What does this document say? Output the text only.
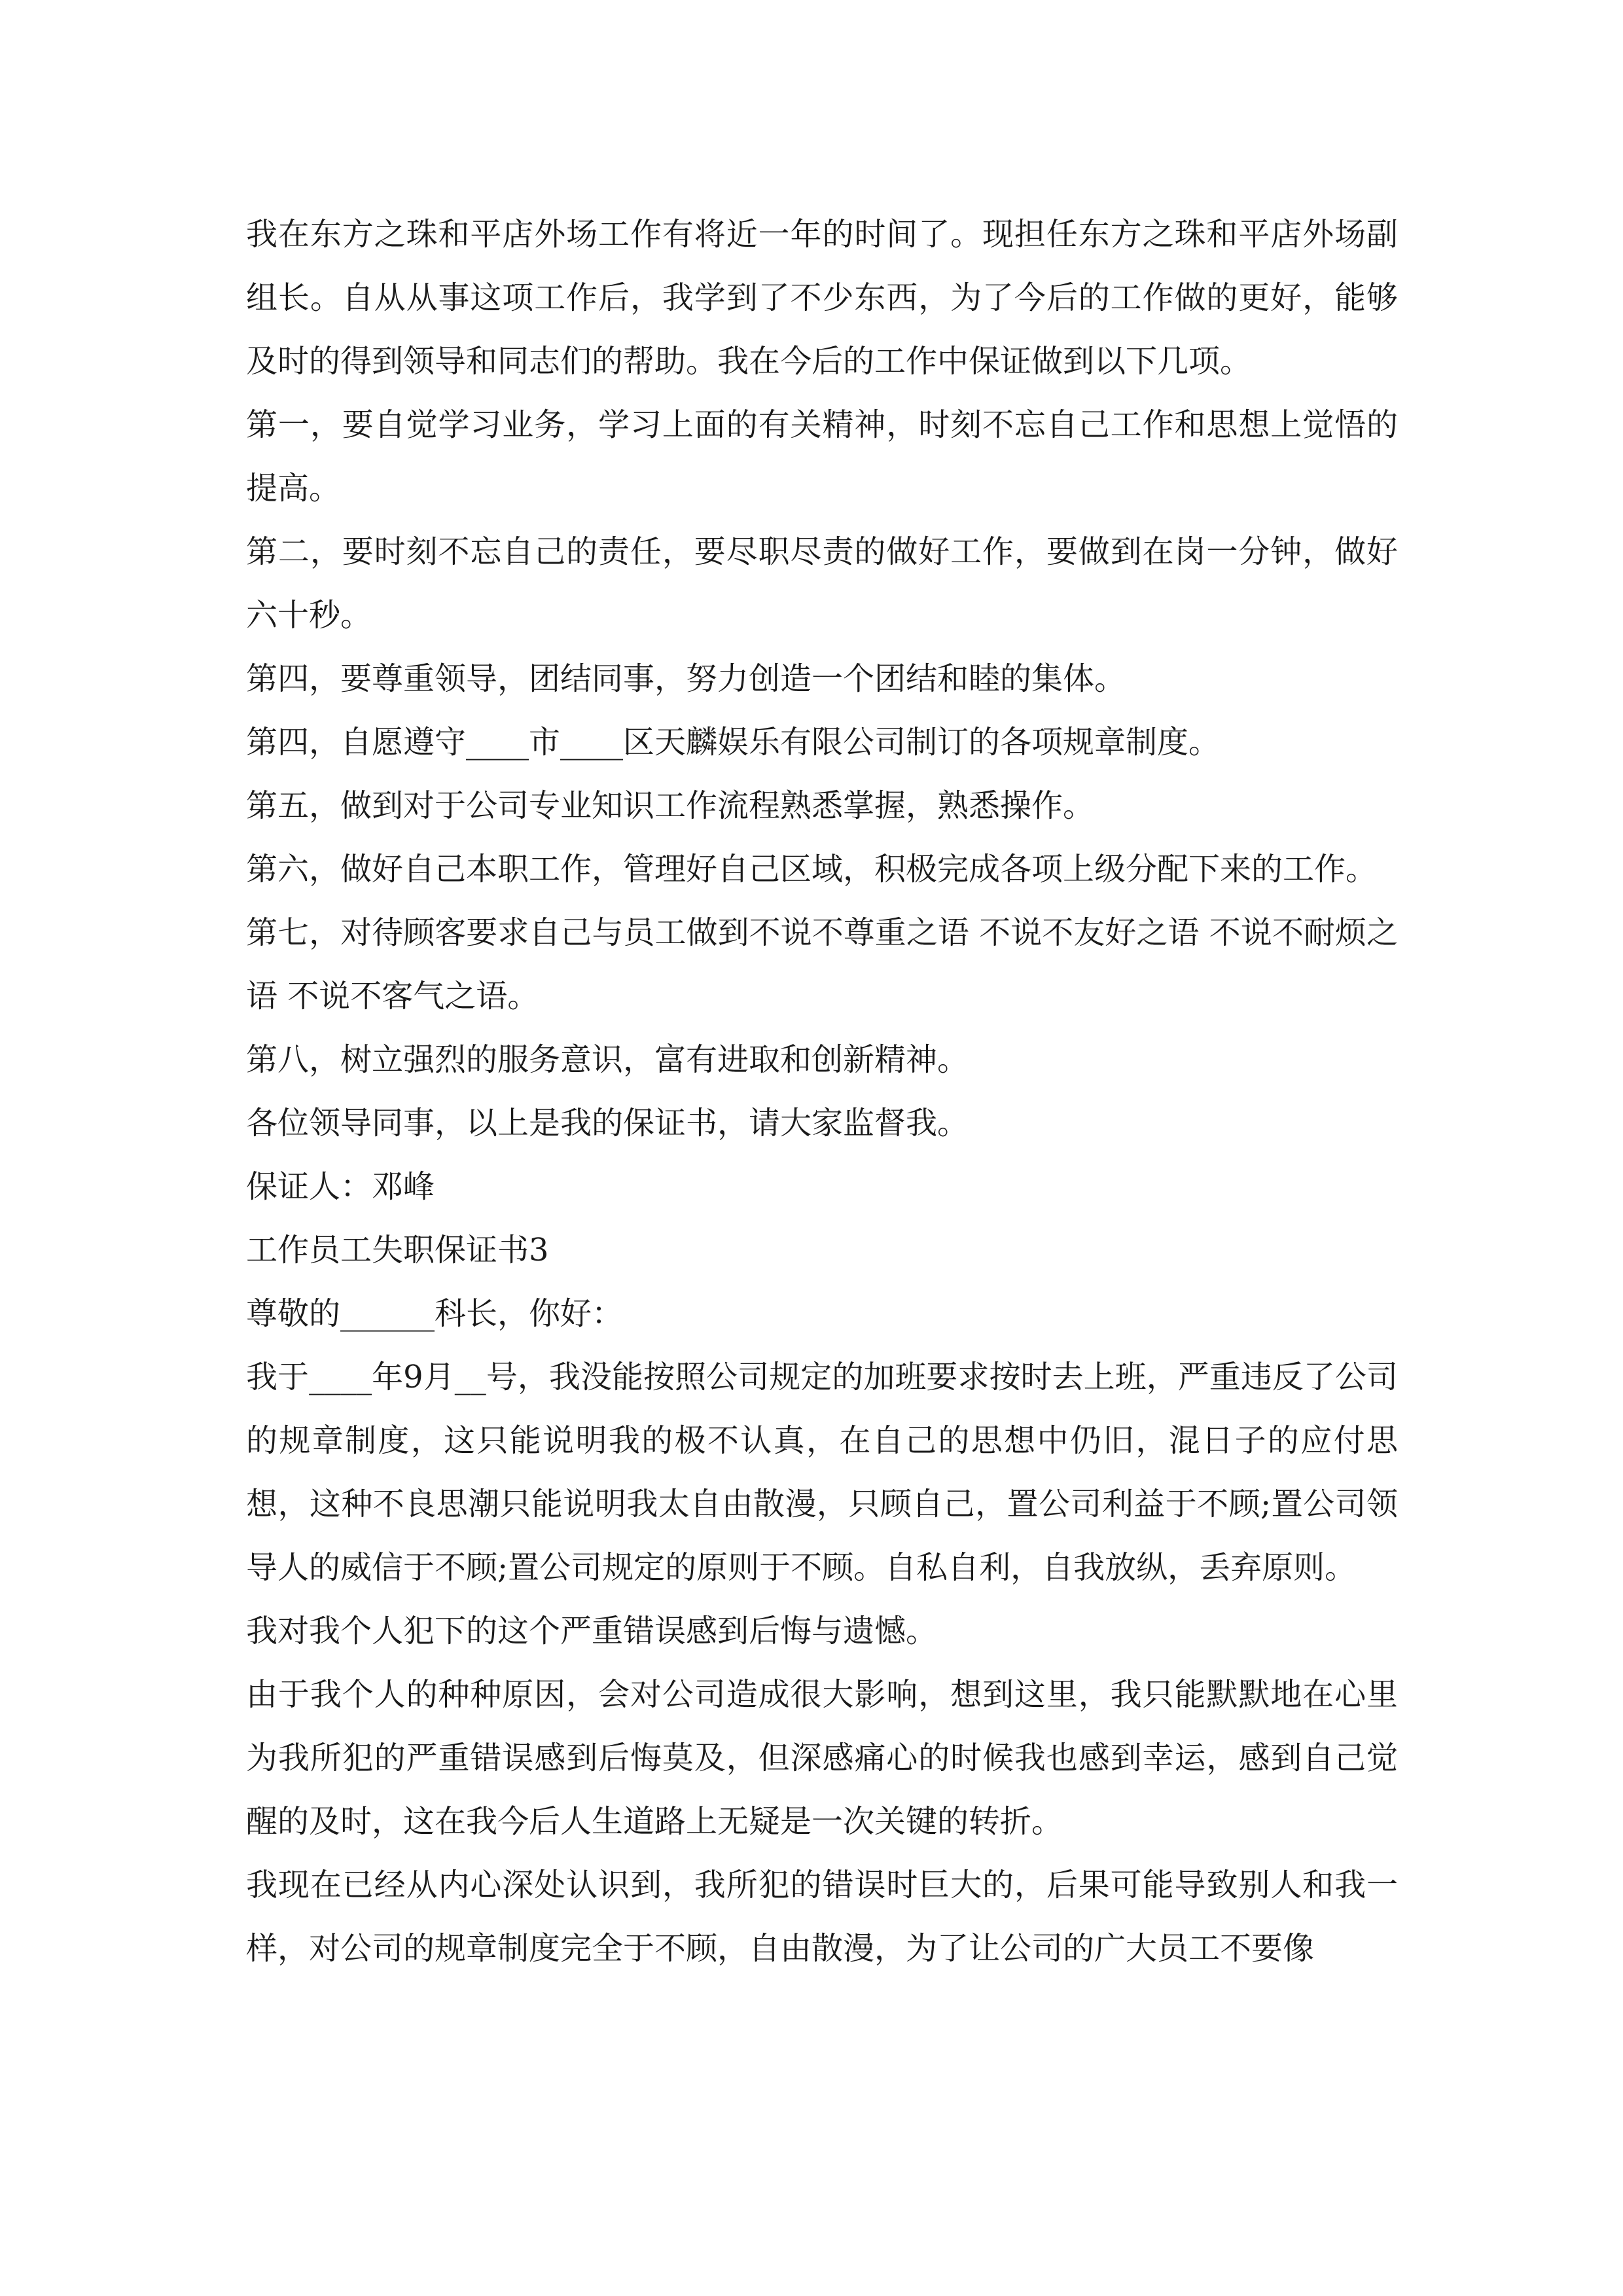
我在东方之珠和平店外场工作有将近一年的时间了。现担任东方之珠和平店外场副组长。自从从事这项工作后，我学到了不少东西，为了今后的工作做的更好，能够及时的得到领导和同志们的帮助。我在今后的工作中保证做到以下几项。

第一，要自觉学习业务，学习上面的有关精神，时刻不忘自己工作和思想上觉悟的提高。

第二，要时刻不忘自己的责任，要尽职尽责的做好工作，要做到在岗一分钟，做好六十秒。

第四，要尊重领导，团结同事，努力创造一个团结和睦的集体。

第四，自愿遵守____市____区天麟娱乐有限公司制订的各项规章制度。

第五，做到对于公司专业知识工作流程熟悉掌握，熟悉操作。

第六，做好自己本职工作，管理好自己区域，积极完成各项上级分配下来的工作。

第七，对待顾客要求自己与员工做到不说不尊重之语 不说不友好之语 不说不耐烦之语 不说不客气之语。

第八，树立强烈的服务意识，富有进取和创新精神。

各位领导同事，以上是我的保证书，请大家监督我。

保证人：邓峰

工作员工失职保证书3

尊敬的______科长，你好：

我于____年9月__号，我没能按照公司规定的加班要求按时去上班，严重违反了公司的规章制度，这只能说明我的极不认真，在自己的思想中仍旧，混日子的应付思想，这种不良思潮只能说明我太自由散漫，只顾自己，置公司利益于不顾;置公司领导人的威信于不顾;置公司规定的原则于不顾。自私自利，自我放纵，丢弃原则。

我对我个人犯下的这个严重错误感到后悔与遗憾。

由于我个人的种种原因，会对公司造成很大影响，想到这里，我只能默默地在心里为我所犯的严重错误感到后悔莫及，但深感痛心的时候我也感到幸运，感到自己觉醒的及时，这在我今后人生道路上无疑是一次关键的转折。

我现在已经从内心深处认识到，我所犯的错误时巨大的，后果可能导致别人和我一样，对公司的规章制度完全于不顾，自由散漫，为了让公司的广大员工不要像
